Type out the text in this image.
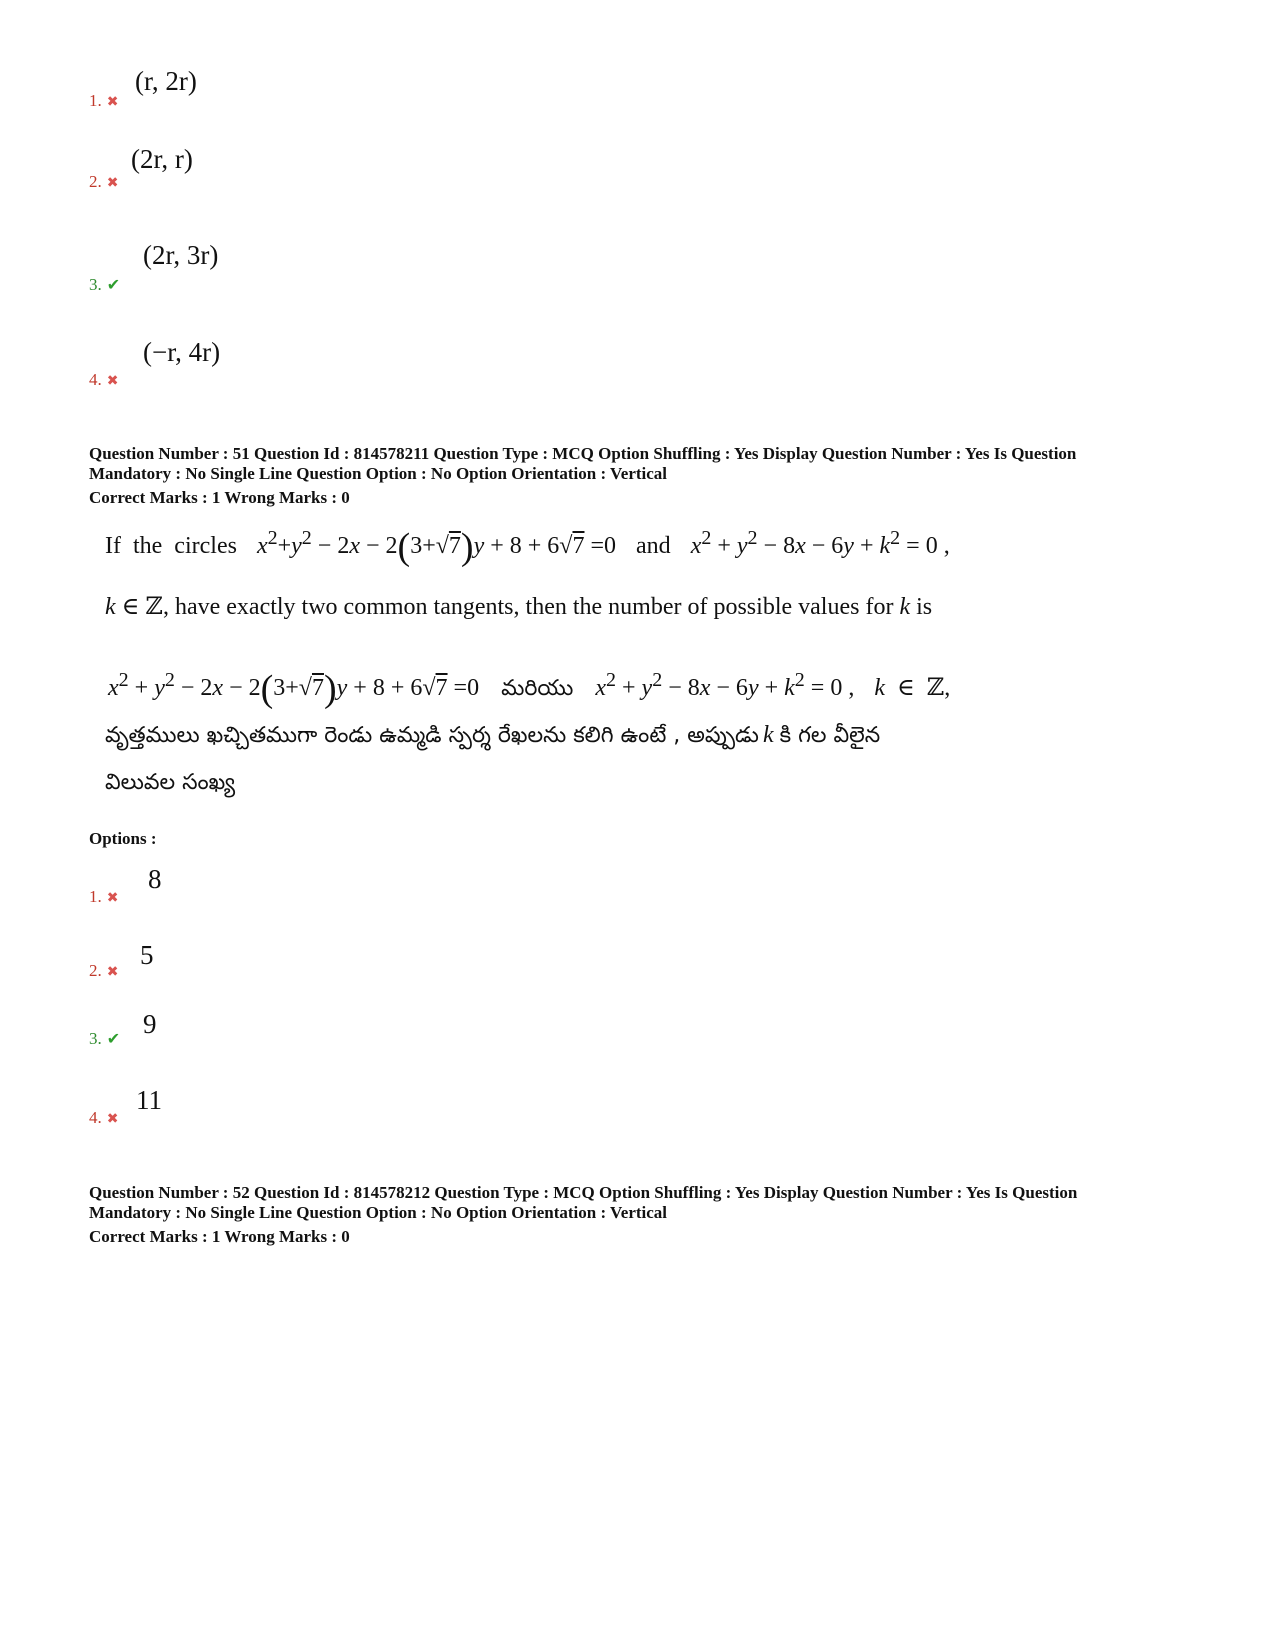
1. ✖
(r, 2r)
2. ✖
(2r, r)
3. ✔
(2r, 3r)
4. ✖
(−r, 4r)
Question Number : 51 Question Id : 814578211 Question Type : MCQ Option Shuffling : Yes Display Question Number : Yes Is Question
Mandatory : No Single Line Question Option : No Option Orientation : Vertical
Correct Marks : 1 Wrong Marks : 0
If the circles $x^2+y^2 - 2x - 2(3+√7)y + 8 + 6√7 =0$ and $x^2 + y^2 - 8x - 6y + k^2 = 0$ ,
k ∈ ℤ, have exactly two common tangents, then the number of possible values for k is
$x^2 + y^2 - 2x - 2(3+√7)y + 8 + 6√7 =0$ మరియు $x^2 + y^2 - 8x - 6y + k^2 = 0$ , k  ∈  ℤ,
వృత్తములు ఖచ్చితముగా రెండు ఉమ్మడి స్పర్శ రేఖలను కలిగి ఉంటే , అప్పుడు k కి గల వీలైన
విలువల సంఖ్య
Options :
1. ✖
8
2. ✖
5
3. ✔
9
4. ✖
11
Question Number : 52 Question Id : 814578212 Question Type : MCQ Option Shuffling : Yes Display Question Number : Yes Is Question
Mandatory : No Single Line Question Option : No Option Orientation : Vertical
Correct Marks : 1 Wrong Marks : 0
